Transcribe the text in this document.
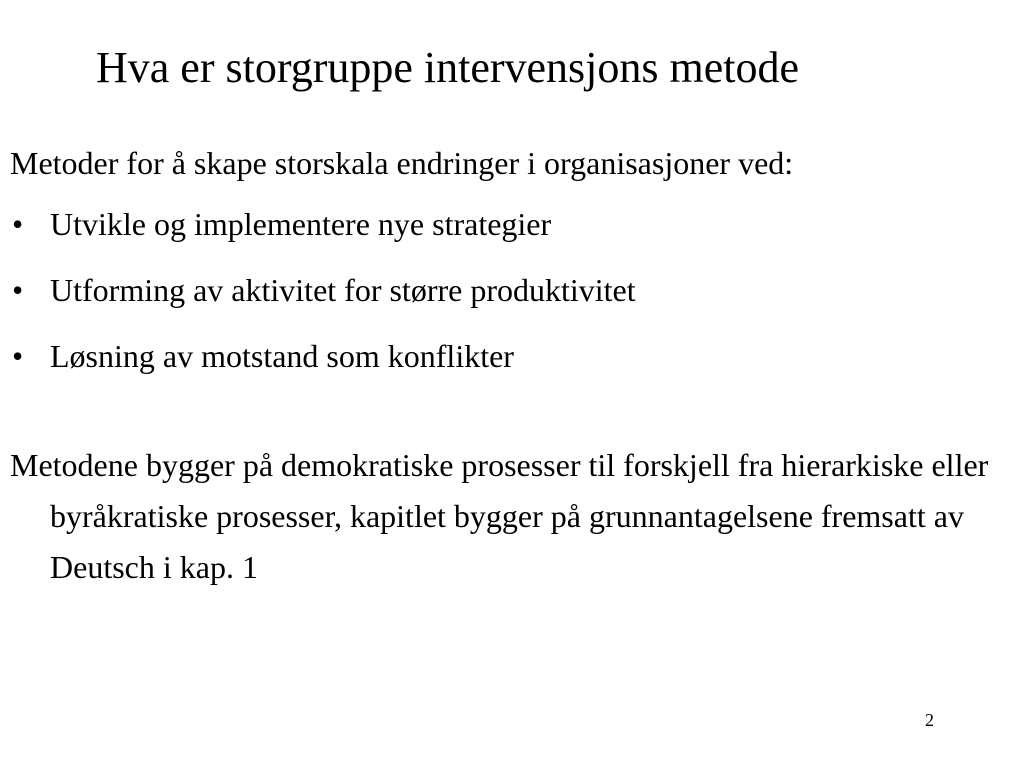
Hva er storgruppe intervensjons metode

Metoder for å skape storskala endringer i organisasjoner ved:

• Utvikle og implementere nye strategier
• Utforming av aktivitet for større produktivitet
• Løsning av motstand som konflikter

Metodene bygger på demokratiske prosesser til forskjell fra hierarkiske eller byråkratiske prosesser, kapitlet bygger på grunnantagelsene fremsatt av Deutsch i kap. 1

2
